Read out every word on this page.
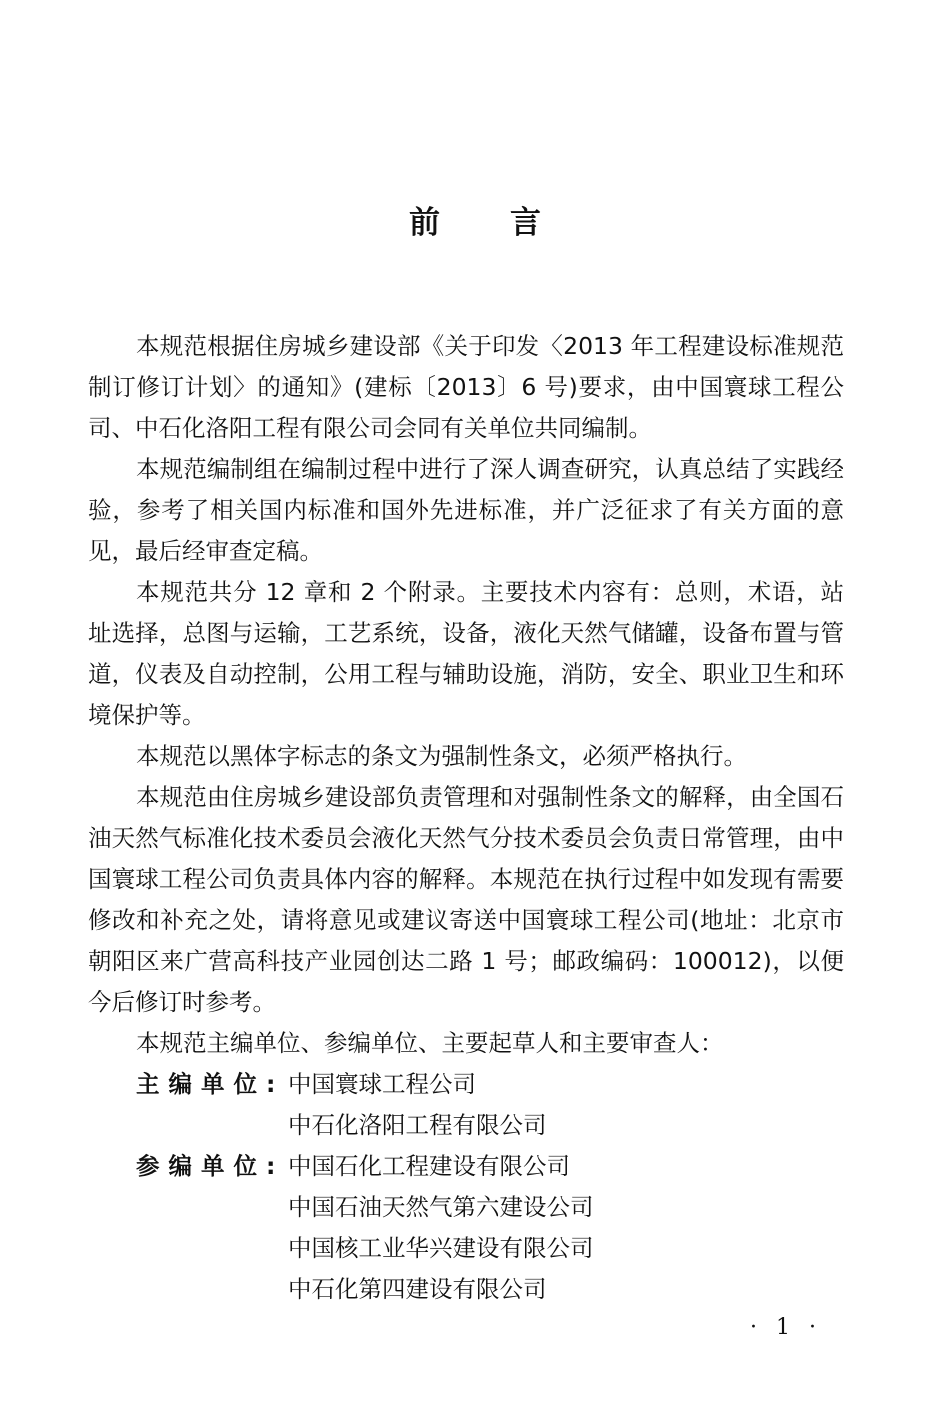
前言

本规范根据住房城乡建设部《关于印发〈2013 年工程建设标准规范制订修订计划〉的通知》(建标〔2013〕6 号)要求，由中国寰球工程公司、中石化洛阳工程有限公司会同有关单位共同编制。

本规范编制组在编制过程中进行了深人调查研究，认真总结了实践经验，参考了相关国内标准和国外先进标准，并广泛征求了有关方面的意见，最后经审查定稿。

本规范共分 12 章和 2 个附录。主要技术内容有：总则，术语，站址选择，总图与运输，工艺系统，设备，液化天然气储罐，设备布置与管道，仪表及自动控制，公用工程与辅助设施，消防，安全、职业卫生和环境保护等。

本规范以黑体字标志的条文为强制性条文，必须严格执行。

本规范由住房城乡建设部负责管理和对强制性条文的解释，由全国石油天然气标准化技术委员会液化天然气分技术委员会负责日常管理，由中国寰球工程公司负责具体内容的解释。本规范在执行过程中如发现有需要修改和补充之处，请将意见或建议寄送中国寰球工程公司(地址：北京市朝阳区来广营高科技产业园创达二路 1 号；邮政编码：100012)，以便今后修订时参考。

本规范主编单位、参编单位、主要起草人和主要审查人：

主编单位: 中国寰球工程公司
中石化洛阳工程有限公司
参编单位: 中国石化工程建设有限公司
中国石油天然气第六建设公司
中国核工业华兴建设有限公司
中石化第四建设有限公司
· 1 ·
